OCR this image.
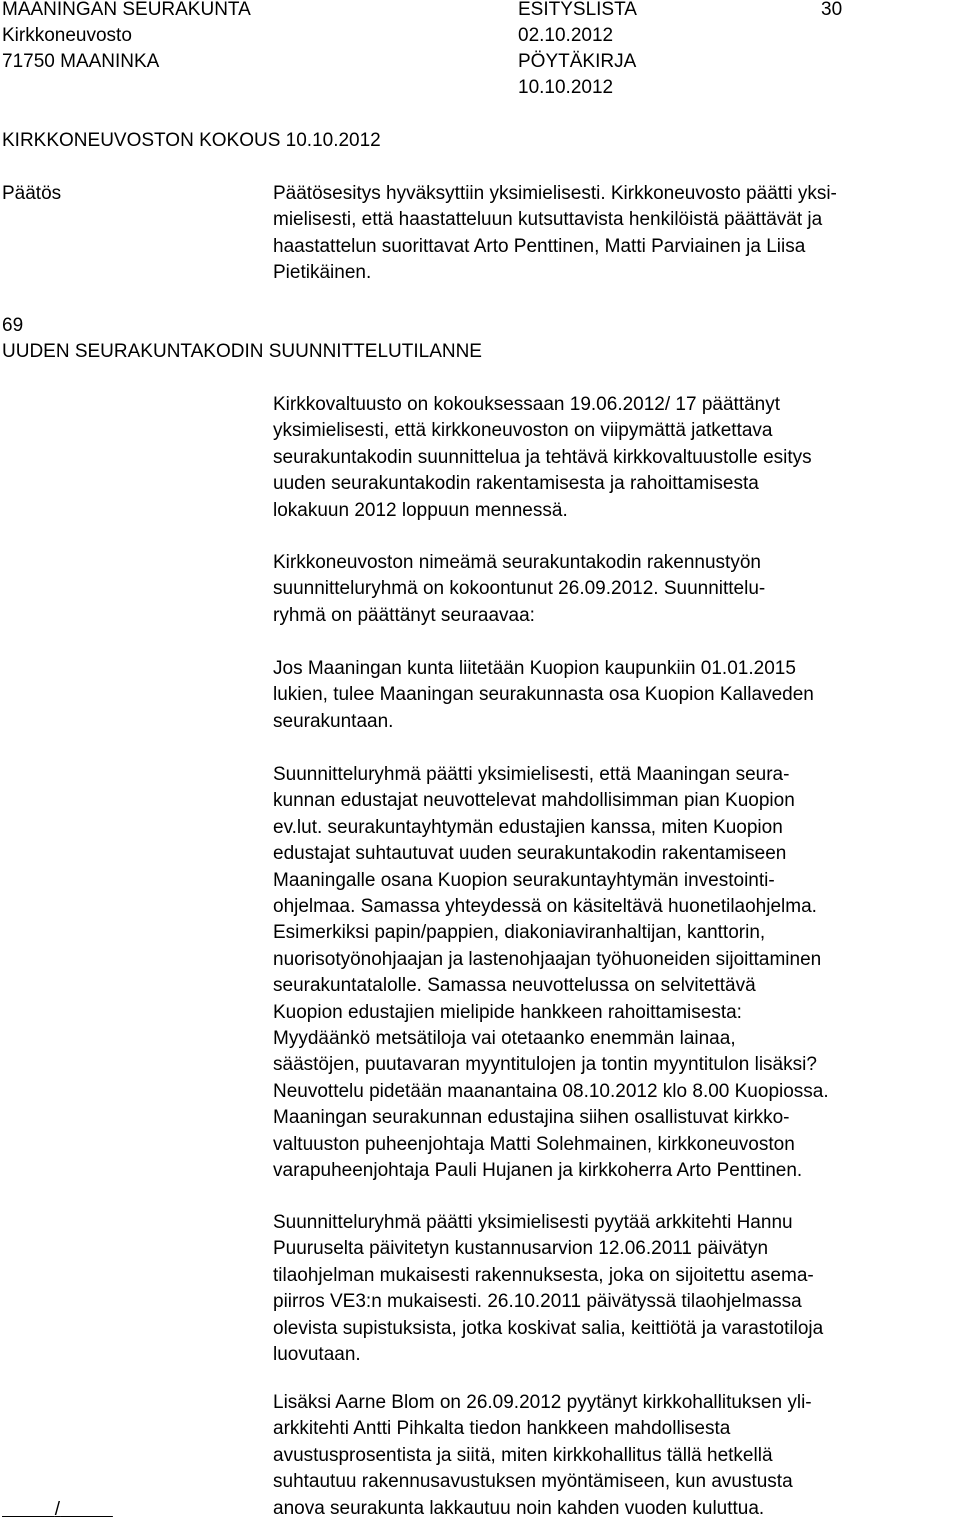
MAANINGAN SEURAKUNTA
Kirkkoneuvosto
71750 MAANINKA
ESITYSLISTA
02.10.2012
PÖYTÄKIRJA
10.10.2012
30
KIRKKONEUVOSTON KOKOUS 10.10.2012
Päätös	Päätösesitys hyväksyttiin yksimielisesti. Kirkkoneuvosto päätti yksi-
mielisesti, että haastatteluun kutsuttavista henkilöistä päättävät ja
haastattelun suorittavat Arto Penttinen, Matti Parviainen ja Liisa
Pietikäinen.
69
UUDEN SEURAKUNTAKODIN SUUNNITTELUTILANNE
Kirkkovaltuusto on kokouksessaan 19.06.2012/ 17 päättänyt
yksimielisesti, että kirkkoneuvoston on viipymättä jatkettava
seurakuntakodin suunnittelua ja tehtävä kirkkovaltuustolle esitys
uuden seurakuntakodin rakentamisesta ja rahoittamisesta
lokakuun 2012 loppuun mennessä.
Kirkkoneuvoston nimeämä seurakuntakodin rakennustyön
suunnitteluryhmä on kokoontunut 26.09.2012. Suunnittelu-
ryhmä on päättänyt seuraavaa:
Jos Maaningan kunta liitetään Kuopion kaupunkiin 01.01.2015
lukien, tulee Maaningan seurakunnasta osa Kuopion Kallaveden
seurakuntaan.
Suunnitteluryhmä päätti yksimielisesti, että Maaningan seura-
kunnan edustajat neuvottelevat mahdollisimman pian Kuopion
ev.lut. seurakuntayhtymän edustajien kanssa, miten Kuopion
edustajat suhtautuvat uuden seurakuntakodin rakentamiseen
Maaningalle osana Kuopion seurakuntayhtymän investointi-
ohjelmaa. Samassa yhteydessä on käsiteltävä huonetilaohjelma.
Esimerkiksi papin/pappien, diakoniaviranhaltijan, kanttorin,
nuorisotyönohjaajan ja lastenohjaajan työhuoneiden sijoittaminen
seurakuntatalolle. Samassa neuvottelussa on selvitettävä
Kuopion edustajien mielipide hankkeen rahoittamisesta:
Myydäänkö metsätiloja vai otetaanko enemmän lainaa,
säästöjen, puutavaran myyntitulojen ja tontin myyntitulon lisäksi?
Neuvottelu pidetään maanantaina 08.10.2012 klo 8.00 Kuopiossa.
Maaningan seurakunnan edustajina siihen osallistuvat kirkko-
valtuuston puheenjohtaja Matti Solehmainen, kirkkoneuvoston
varapuheenjohtaja Pauli Hujanen ja kirkkoherra Arto Penttinen.
Suunnitteluryhmä päätti yksimielisesti pyytää arkkitehti Hannu
Puuruselta päivitetyn kustannusarvion 12.06.2011 päivätyn
tilaohjelman mukaisesti rakennuksesta, joka on sijoitettu asema-
piirros VE3:n mukaisesti. 26.10.2011 päivätyssä tilaohjelmassa
olevista supistuksista, jotka koskivat salia, keittiötä ja varastotiloja
luovutaan.
Lisäksi Aarne Blom on 26.09.2012 pyytänyt kirkkohallituksen yli-
arkkitehti Antti Pihkalta tiedon hankkeen mahdollisesta
avustusprosentista ja siitä, miten kirkkohallitus tällä hetkellä
suhtautuu rakennusavustuksen myöntämiseen, kun avustusta
anova seurakunta lakkautuu noin kahden vuoden kuluttua.
/
